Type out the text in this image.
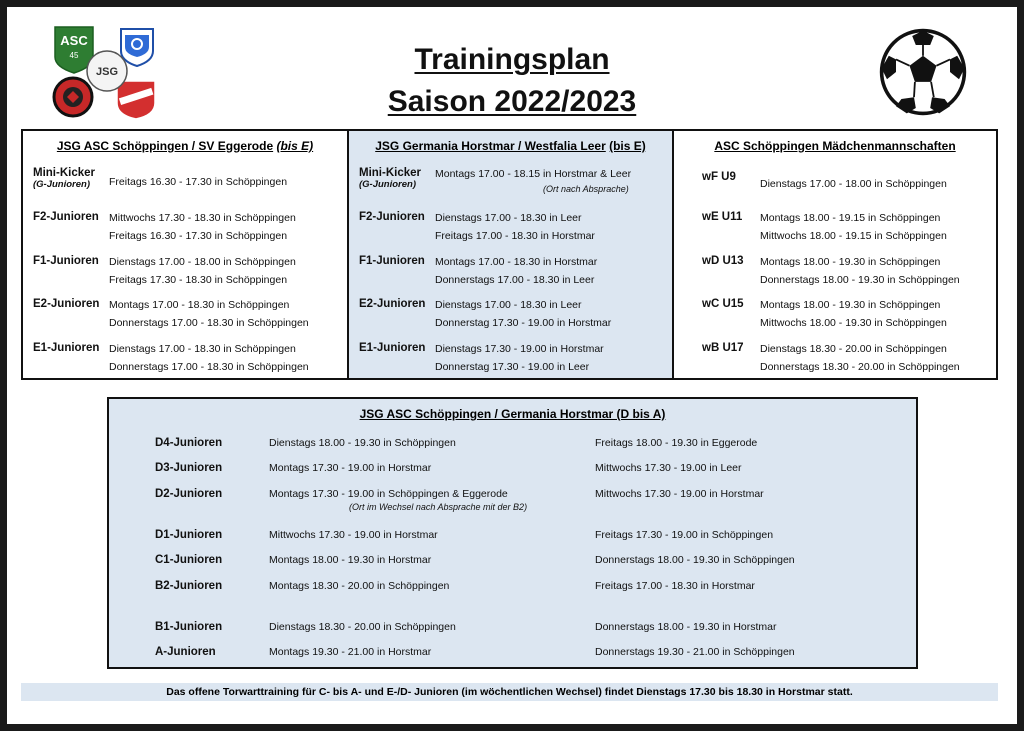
ASC
45
JSG	Trainingsplan
Saison 2022/2023
JSG ASC Schöppingen / SV Eggerode (bis E)
Mini-Kicker
(G-Junioren)	Freitags 16.30 - 17.30 in Schöppingen
F2-Junioren Mittwochs 17.30 - 18.30 in Schöppingen
Freitags 16.30 - 17.30 in Schöppingen
F1-Junioren Dienstags 17.00 - 18.00 in Schöppingen
Freitags 17.30 - 18.30 in Schöppingen
E2-Junioren Montags 17.00 - 18.30 in Schöppingen
Donnerstags 17.00 - 18.30 in Schöppingen
E1-Junioren Dienstags 17.00 - 18.30 in Schöppingen
Donnerstags 17.00 - 18.30 in Schöppingen
JSG Germania Horstmar / Westfalia Leer (bis E)
Mini-Kicker
(G-Junioren)
Montags 17.00 - 18.15 in Horstmar & Leer
(Ort nach Absprache)
F2-Junioren Dienstags 17.00 - 18.30 in Leer
Freitags 17.00 - 18.30 in Horstmar
F1-Junioren Montags 17.00 - 18.30 in Horstmar
Donnerstags 17.00 - 18.30 in Leer
E2-Junioren Dienstags 17.00 - 18.30 in Leer
Donnerstag 17.30 - 19.00 in Horstmar
E1-Junioren Dienstags 17.30 - 19.00 in Horstmar
Donnerstag 17.30 - 19.00 in Leer
ASC Schöppingen Mädchenmannschaften
wF U9
Dienstags 17.00 - 18.00 in Schöppingen
wE U11 Montags 18.00 - 19.15 in Schöppingen
Mittwochs 18.00 - 19.15 in Schöppingen
wD U13 Montags 18.00 - 19.30 in Schöppingen
Donnerstags 18.00 - 19.30 in Schöppingen
wC U15 Montags 18.00 - 19.30 in Schöppingen
Mittwochs 18.00 - 19.30 in Schöppingen
wB U17 Dienstags 18.30 - 20.00 in Schöppingen
Donnerstags 18.30 - 20.00 in Schöppingen
JSG ASC Schöppingen / Germania Horstmar (D bis A)
D4-Junioren	Dienstags 18.00 - 19.30 in Schöppingen	Freitags 18.00 - 19.30 in Eggerode
D3-Junioren	Montags 17.30 - 19.00 in Horstmar	Mittwochs 17.30 - 19.00 in Leer
D2-Junioren	Montags 17.30 - 19.00 in Schöppingen & Eggerode	Mittwochs 17.30 - 19.00 in Horstmar
(Ort im Wechsel nach Absprache mit der B2)
D1-Junioren	Mittwochs 17.30 - 19.00 in Horstmar	Freitags 17.30 - 19.00 in Schöppingen
C1-Junioren	Montags 18.00 - 19.30 in Horstmar	Donnerstags 18.00 - 19.30 in Schöppingen
B2-Junioren	Montags 18.30 - 20.00 in Schöppingen	Freitags 17.00 - 18.30 in Horstmar
B1-Junioren	Dienstags 18.30 - 20.00 in Schöppingen	Donnerstags 18.00 - 19.30 in Horstmar
A-Junioren	Montags 19.30 - 21.00 in Horstmar	Donnerstags 19.30 - 21.00 in Schöppingen
Das offene Torwarttraining für C- bis A- und E-/D- Junioren (im wöchentlichen Wechsel) findet Dienstags 17.30 bis 18.30 in Horstmar statt.
